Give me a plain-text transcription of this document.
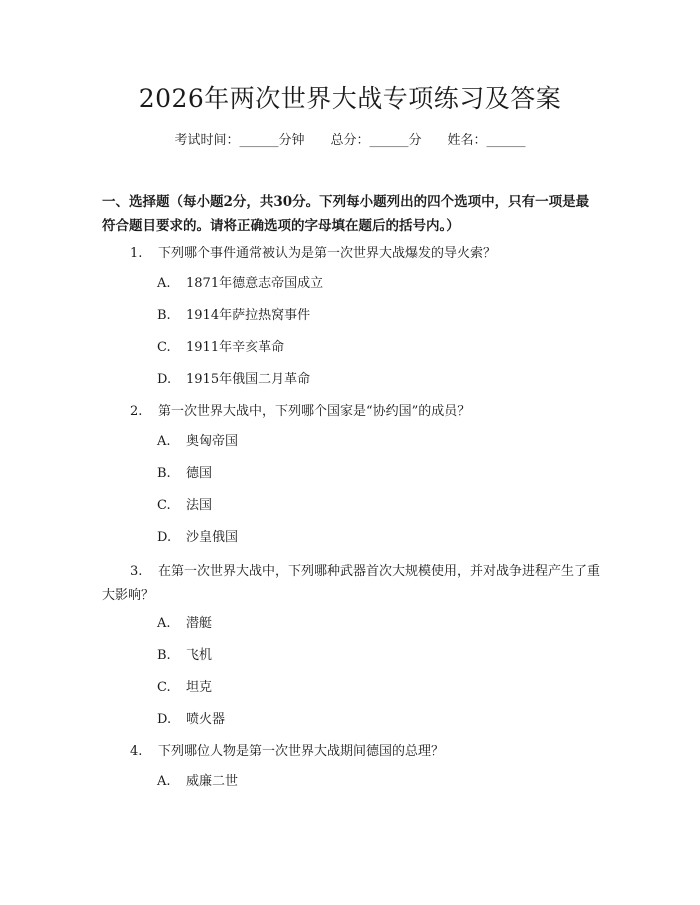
2026年两次世界大战专项练习及答案
考试时间：______分钟 总分：______分 姓名：______
一、选择题（每小题2分，共30分。下列每小题列出的四个选项中，只有一项是最符合题目要求的。请将正确选项的字母填在题后的括号内。）
1. 下列哪个事件通常被认为是第一次世界大战爆发的导火索？
A. 1871年德意志帝国成立
B. 1914年萨拉热窝事件
C. 1911年辛亥革命
D. 1915年俄国二月革命
2. 第一次世界大战中，下列哪个国家是“协约国”的成员？
A. 奥匈帝国
B. 德国
C. 法国
D. 沙皇俄国
3. 在第一次世界大战中，下列哪种武器首次大规模使用，并对战争进程产生了重大影响？
A. 潜艇
B. 飞机
C. 坦克
D. 喷火器
4. 下列哪位人物是第一次世界大战期间德国的总理？
A. 威廉二世
